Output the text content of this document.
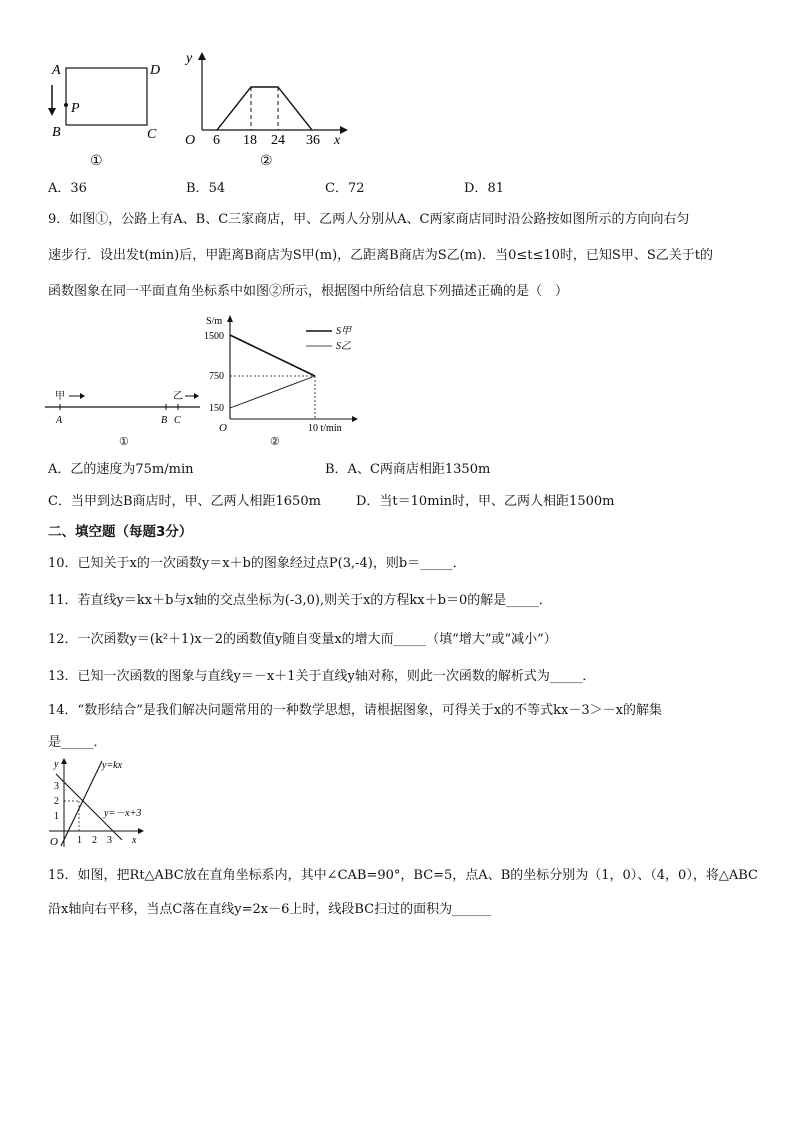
A	D
B	C
P
y
x
O 6 18 24 36
①	②
A．36	B．54	C．72	D．81
9．如图①，公路上有A、B、C三家商店，甲、乙两人分别从A、C两家商店同时沿公路按如图所示的方向向右匀
速步行．设出发t(min)后，甲距离B商店为S甲(m)，乙距离B商店为S乙(m)．当0≤t≤10时，已知S甲、S乙关于t的
函数图象在同一平面直角坐标系中如图②所示，根据图中所给信息下列描述正确的是（　）
甲	乙
A	B C
①
S/m
1500
750
150
O	10 t/min
S甲
S乙
②
A．乙的速度为75m/min	B．A、C两商店相距1350m
C．当甲到达B商店时，甲、乙两人相距1650m	D．当t＝10min时，甲、乙两人相距1500m
二、填空题（每题3分）
10．已知关于x的一次函数y＝x＋b的图象经过点P(3,-4)，则b＝_____．
11．若直线y＝kx＋b与x轴的交点坐标为(-3,0),则关于x的方程kx＋b＝0的解是_____．
12．一次函数y＝(k²＋1)x－2的函数值y随自变量x的增大而_____（填“增大”或“减小”）
13．已知一次函数的图象与直线y＝－x＋1关于直线y轴对称，则此一次函数的解析式为_____．
14．“数形结合”是我们解决问题常用的一种数学思想，请根据图象，可得关于x的不等式kx－3＞－x的解集
是_____．
y
x
O
3
2
1
1 2 3
y=kx
y=－x+3
15．如图，把Rt△ABC放在直角坐标系内，其中∠CAB=90°，BC=5，点A、B的坐标分别为（1，0）、（4，0），将△ABC
沿x轴向右平移，当点C落在直线y=2x－6上时，线段BC扫过的面积为______
